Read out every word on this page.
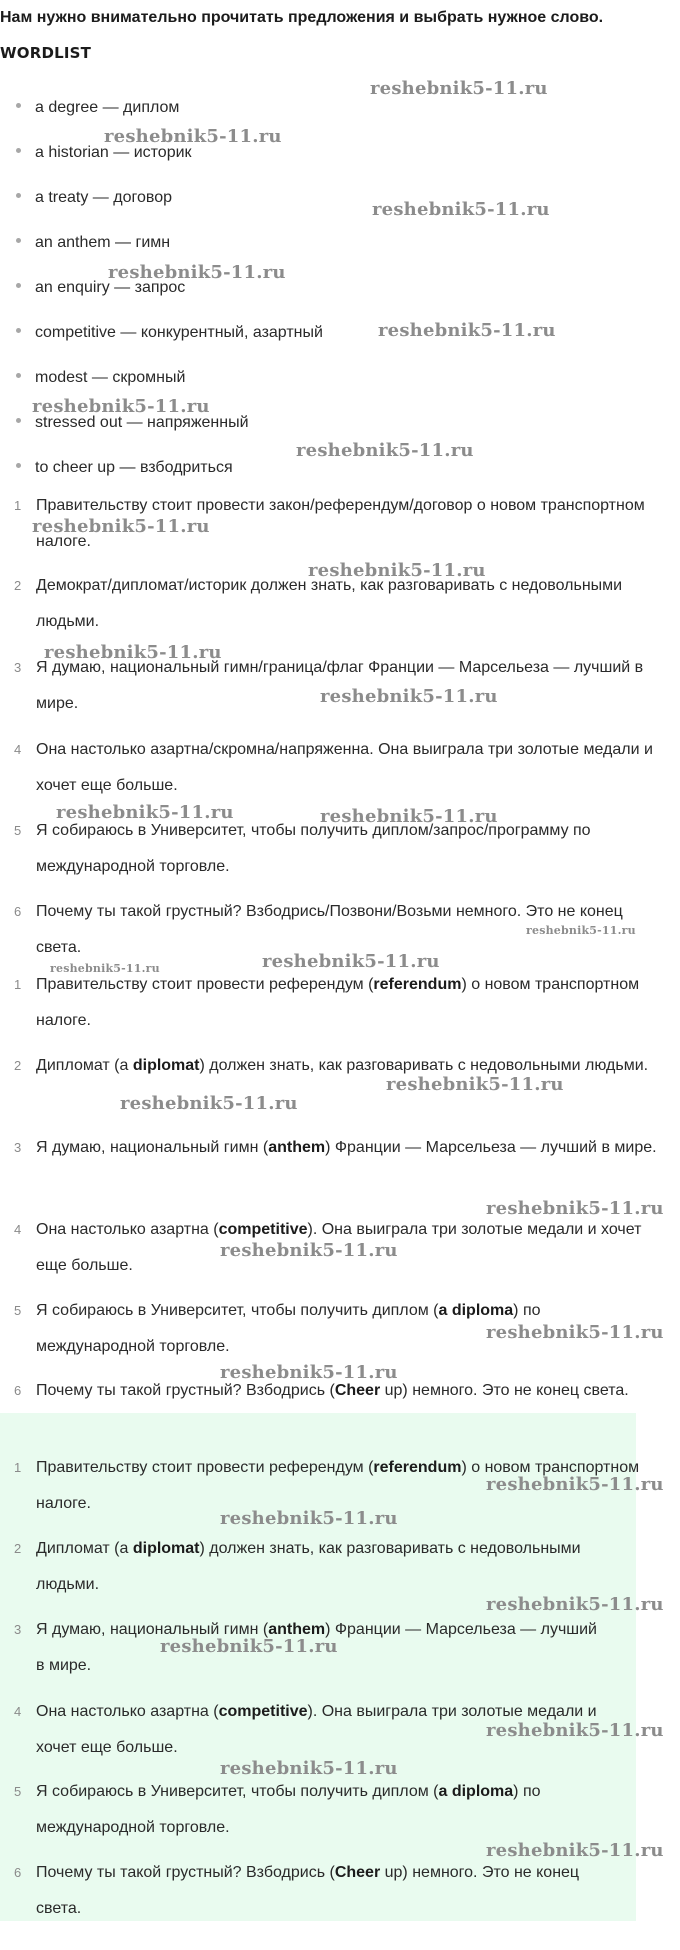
Нам нужно внимательно прочитать предложения и выбрать нужное слово.
WORDLIST
a degree — диплом
a historian — историк
a treaty — договор
an anthem — гимн
an enquiry — запрос
competitive — конкурентный, азартный
modest — скромный
stressed out — напряженный
to cheer up — взбодриться
1 Правительству стоит провести закон/референдум/договор о новом транспортном налоге.
2 Демократ/дипломат/историк должен знать, как разговаривать с недовольными людьми.
3 Я думаю, национальный гимн/граница/флаг Франции — Марсельеза — лучший в мире.
4 Она настолько азартна/скромна/напряженна. Она выиграла три золотые медали и хочет еще больше.
5 Я собираюсь в Университет, чтобы получить диплом/запрос/программу по международной торговле.
6 Почему ты такой грустный? Взбодрись/Позвони/Возьми немного. Это не конец света.
1 Правительству стоит провести референдум (referendum) о новом транспортном налоге.
2 Дипломат (a diplomat) должен знать, как разговаривать с недовольными людьми.
3 Я думаю, национальный гимн (anthem) Франции — Марсельеза — лучший в мире.
4 Она настолько азартна (competitive). Она выиграла три золотые медали и хочет еще больше.
5 Я собираюсь в Университет, чтобы получить диплом (a diploma) по международной торговле.
6 Почему ты такой грустный? Взбодрись (Cheer up) немного. Это не конец света.
1 Правительству стоит провести референдум (referendum) о новом транспортном налоге.
2 Дипломат (a diplomat) должен знать, как разговаривать с недовольными людьми.
3 Я думаю, национальный гимн (anthem) Франции — Марсельеза — лучший в мире.
4 Она настолько азартна (competitive). Она выиграла три золотые медали и хочет еще больше.
5 Я собираюсь в Университет, чтобы получить диплом (a diploma) по международной торговле.
6 Почему ты такой грустный? Взбодрись (Cheer up) немного. Это не конец света.
reshebnik5-11.ru
reshebnik5-11.ru
reshebnik5-11.ru
reshebnik5-11.ru
reshebnik5-11.ru
reshebnik5-11.ru
reshebnik5-11.ru
reshebnik5-11.ru
reshebnik5-11.ru
reshebnik5-11.ru
reshebnik5-11.ru
reshebnik5-11.ru	reshebnik5-11.ru
reshebnik5-11.ru
reshebnik5-11.ru
reshebnik5-11.ru
reshebnik5-11.ru
reshebnik5-11.ru
reshebnik5-11.ru
reshebnik5-11.ru
reshebnik5-11.ru
reshebnik5-11.ru
reshebnik5-11.ru
reshebnik5-11.ru
reshebnik5-11.ru
reshebnik5-11.ru
reshebnik5-11.ru
reshebnik5-11.ru
reshebnik5-11.ru
